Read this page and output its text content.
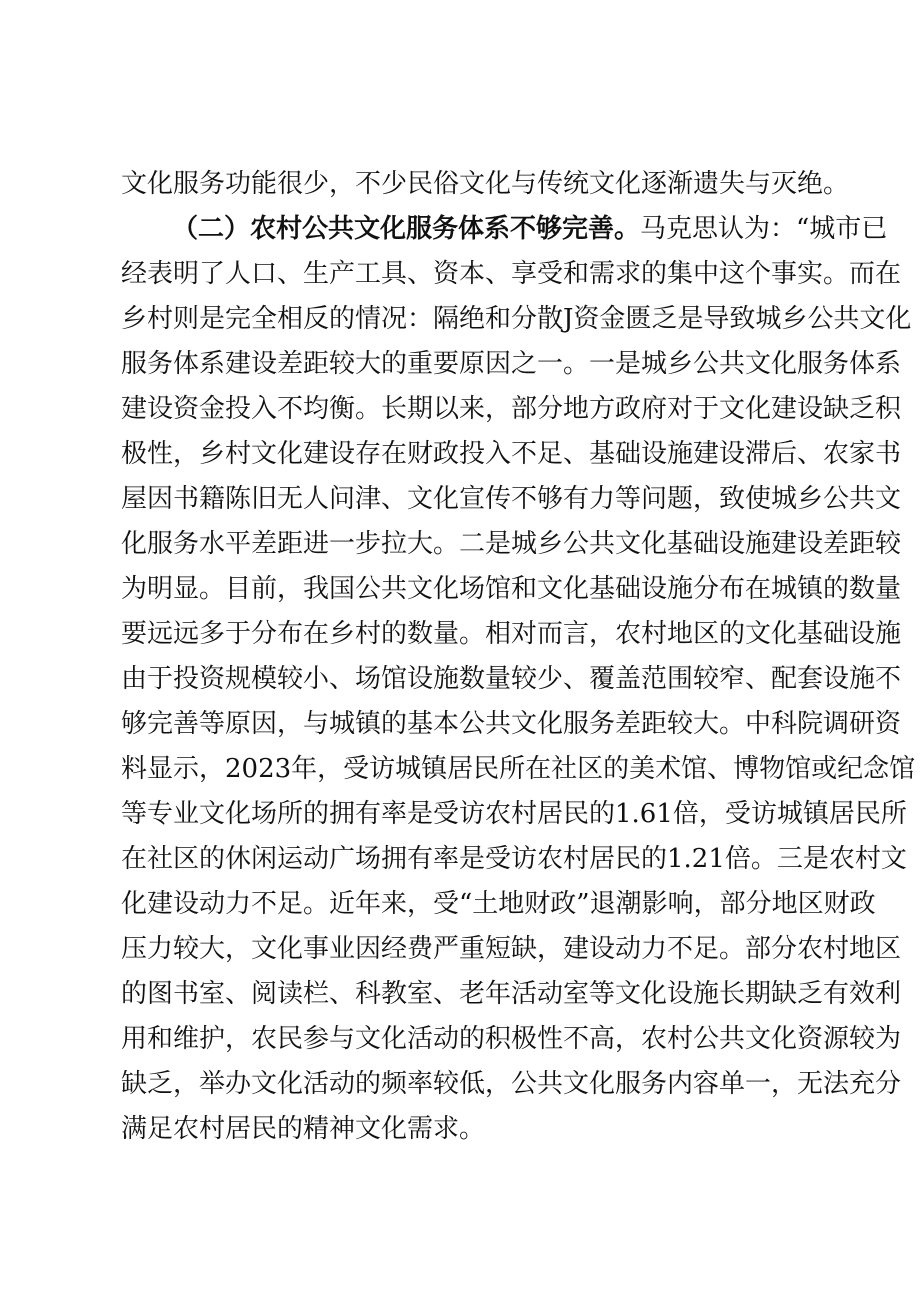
文化服务功能很少，不少民俗文化与传统文化逐渐遗失与灭绝。
（二）农村公共文化服务体系不够完善。马克思认为：“城市已
经表明了人口、生产工具、资本、享受和需求的集中这个事实。而在
乡村则是完全相反的情况：隔绝和分散J资金匮乏是导致城乡公共文化
服务体系建设差距较大的重要原因之一。一是城乡公共文化服务体系
建设资金投入不均衡。长期以来，部分地方政府对于文化建设缺乏积
极性，乡村文化建设存在财政投入不足、基础设施建设滞后、农家书
屋因书籍陈旧无人问津、文化宣传不够有力等问题，致使城乡公共文
化服务水平差距进一步拉大。二是城乡公共文化基础设施建设差距较
为明显。目前，我国公共文化场馆和文化基础设施分布在城镇的数量
要远远多于分布在乡村的数量。相对而言，农村地区的文化基础设施
由于投资规模较小、场馆设施数量较少、覆盖范围较窄、配套设施不
够完善等原因，与城镇的基本公共文化服务差距较大。中科院调研资
料显示，2023年，受访城镇居民所在社区的美术馆、博物馆或纪念馆
等专业文化场所的拥有率是受访农村居民的1.61倍，受访城镇居民所
在社区的休闲运动广场拥有率是受访农村居民的1.21倍。三是农村文
化建设动力不足。近年来，受“土地财政”退潮影响，部分地区财政
压力较大，文化事业因经费严重短缺，建设动力不足。部分农村地区
的图书室、阅读栏、科教室、老年活动室等文化设施长期缺乏有效利
用和维护，农民参与文化活动的积极性不高，农村公共文化资源较为
缺乏，举办文化活动的频率较低，公共文化服务内容单一，无法充分
满足农村居民的精神文化需求。
